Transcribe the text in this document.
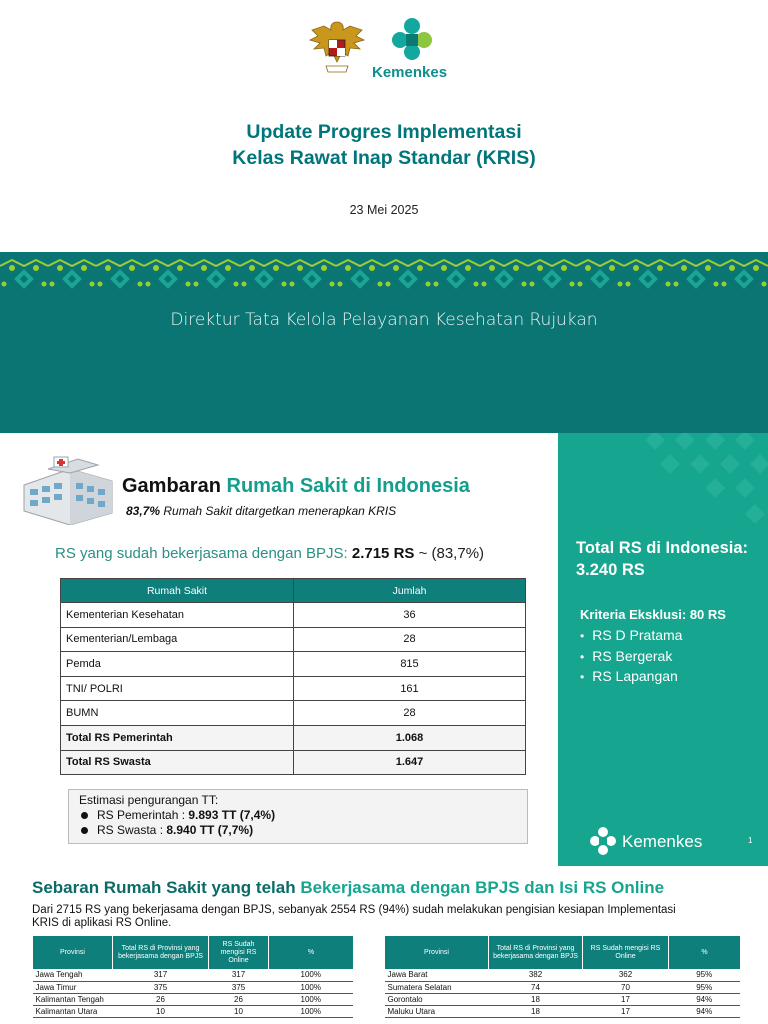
Kemenkes
Update Progres Implementasi
Kelas Rawat Inap Standar (KRIS)
23 Mei 2025
Direktur Tata Kelola Pelayanan Kesehatan Rujukan
Gambaran Rumah Sakit di Indonesia
83,7% Rumah Sakit ditargetkan menerapkan KRIS
RS yang sudah bekerjasama dengan BPJS: 2.715 RS ~ (83,7%)
Rumah Sakit	Jumlah
Kementerian Kesehatan	36
Kementerian/Lembaga	28
Pemda	815
TNI/ POLRI	161
BUMN	28
Total RS Pemerintah	1.068
Total RS Swasta	1.647
Estimasi pengurangan TT:
RS Pemerintah : 9.893 TT (7,4%)
RS Swasta : 8.940 TT (7,7%)
Total RS di Indonesia: 3.240 RS
Kriteria Eksklusi: 80 RS
• RS D Pratama
• RS Bergerak
• RS Lapangan
Kemenkes	1
Sebaran Rumah Sakit yang telah Bekerjasama dengan BPJS dan Isi RS Online
Dari 2715 RS yang bekerjasama dengan BPJS, sebanyak 2554 RS (94%) sudah melakukan pengisian kesiapan Implementasi KRIS di aplikasi RS Online.
Provinsi	Total RS di Provinsi yang bekerjasama dengan BPJS	RS Sudah mengisi RS Online	%
Jawa Tengah	317	317	100%
Jawa Timur	375	375	100%
Kalimantan Tengah	26	26	100%
Kalimantan Utara	10	10	100%
Provinsi	Total RS di Provinsi yang bekerjasama dengan BPJS	RS Sudah mengisi RS Online	%
Jawa Barat	382	362	95%
Sumatera Selatan	74	70	95%
Gorontalo	18	17	94%
Maluku Utara	18	17	94%
